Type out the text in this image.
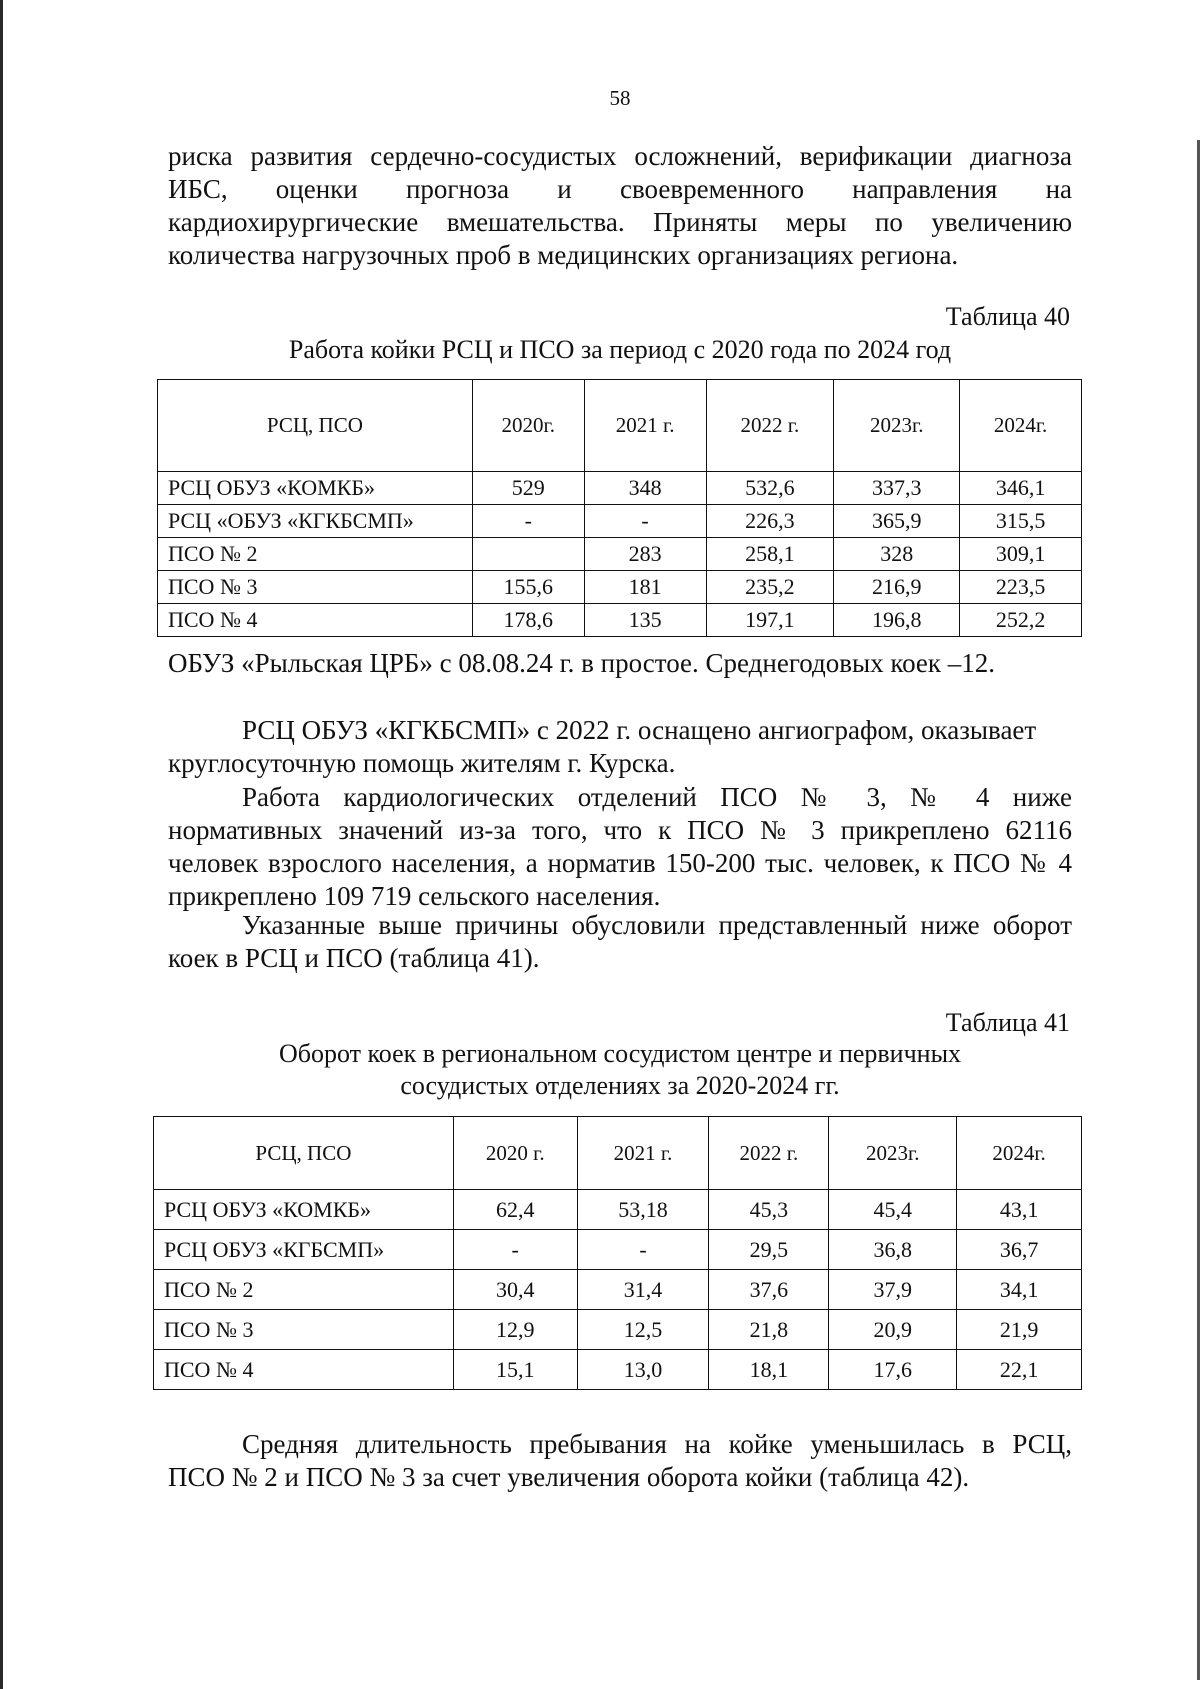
58
риска развития сердечно-сосудистых осложнений, верификации диагноза
ИБС, оценки прогноза и своевременного направления на
кардиохирургические вмешательства. Приняты меры по увеличению
количества нагрузочных проб в медицинских организациях региона.
Таблица 40
Работа койки РСЦ и ПСО за период с 2020 года по 2024 год
РСЦ, ПСО	2020г.	2021 г.	2022 г.	2023г.	2024г.
РСЦ ОБУЗ «КОМКБ»	529	348	532,6	337,3	346,1
РСЦ «ОБУЗ «КГКБСМП»	-	-	226,3	365,9	315,5
ПСО № 2		283	258,1	328	309,1
ПСО № 3	155,6	181	235,2	216,9	223,5
ПСО № 4	178,6	135	197,1	196,8	252,2
ОБУЗ «Рыльская ЦРБ» с 08.08.24 г. в простое. Среднегодовых коек –12.
РСЦ ОБУЗ «КГКБСМП» с 2022 г. оснащено ангиографом, оказывает
круглосуточную помощь жителям г. Курска.
Работа кардиологических отделений ПСО № 3, № 4 ниже
нормативных значений из-за того, что к ПСО № 3 прикреплено 62116
человек взрослого населения, а норматив 150-200 тыс. человек, к ПСО № 4
прикреплено 109 719 сельского населения.
Указанные выше причины обусловили представленный ниже оборот
коек в РСЦ и ПСО (таблица 41).
Таблица 41
Оборот коек в региональном сосудистом центре и первичных
сосудистых отделениях за 2020-2024 гг.
РСЦ, ПСО	2020 г.	2021 г.	2022 г.	2023г.	2024г.
РСЦ ОБУЗ «КОМКБ»	62,4	53,18	45,3	45,4	43,1
РСЦ ОБУЗ «КГБСМП»	-	-	29,5	36,8	36,7
ПСО № 2	30,4	31,4	37,6	37,9	34,1
ПСО № 3	12,9	12,5	21,8	20,9	21,9
ПСО № 4	15,1	13,0	18,1	17,6	22,1
Средняя длительность пребывания на койке уменьшилась в РСЦ,
ПСО № 2 и ПСО № 3 за счет увеличения оборота койки (таблица 42).
